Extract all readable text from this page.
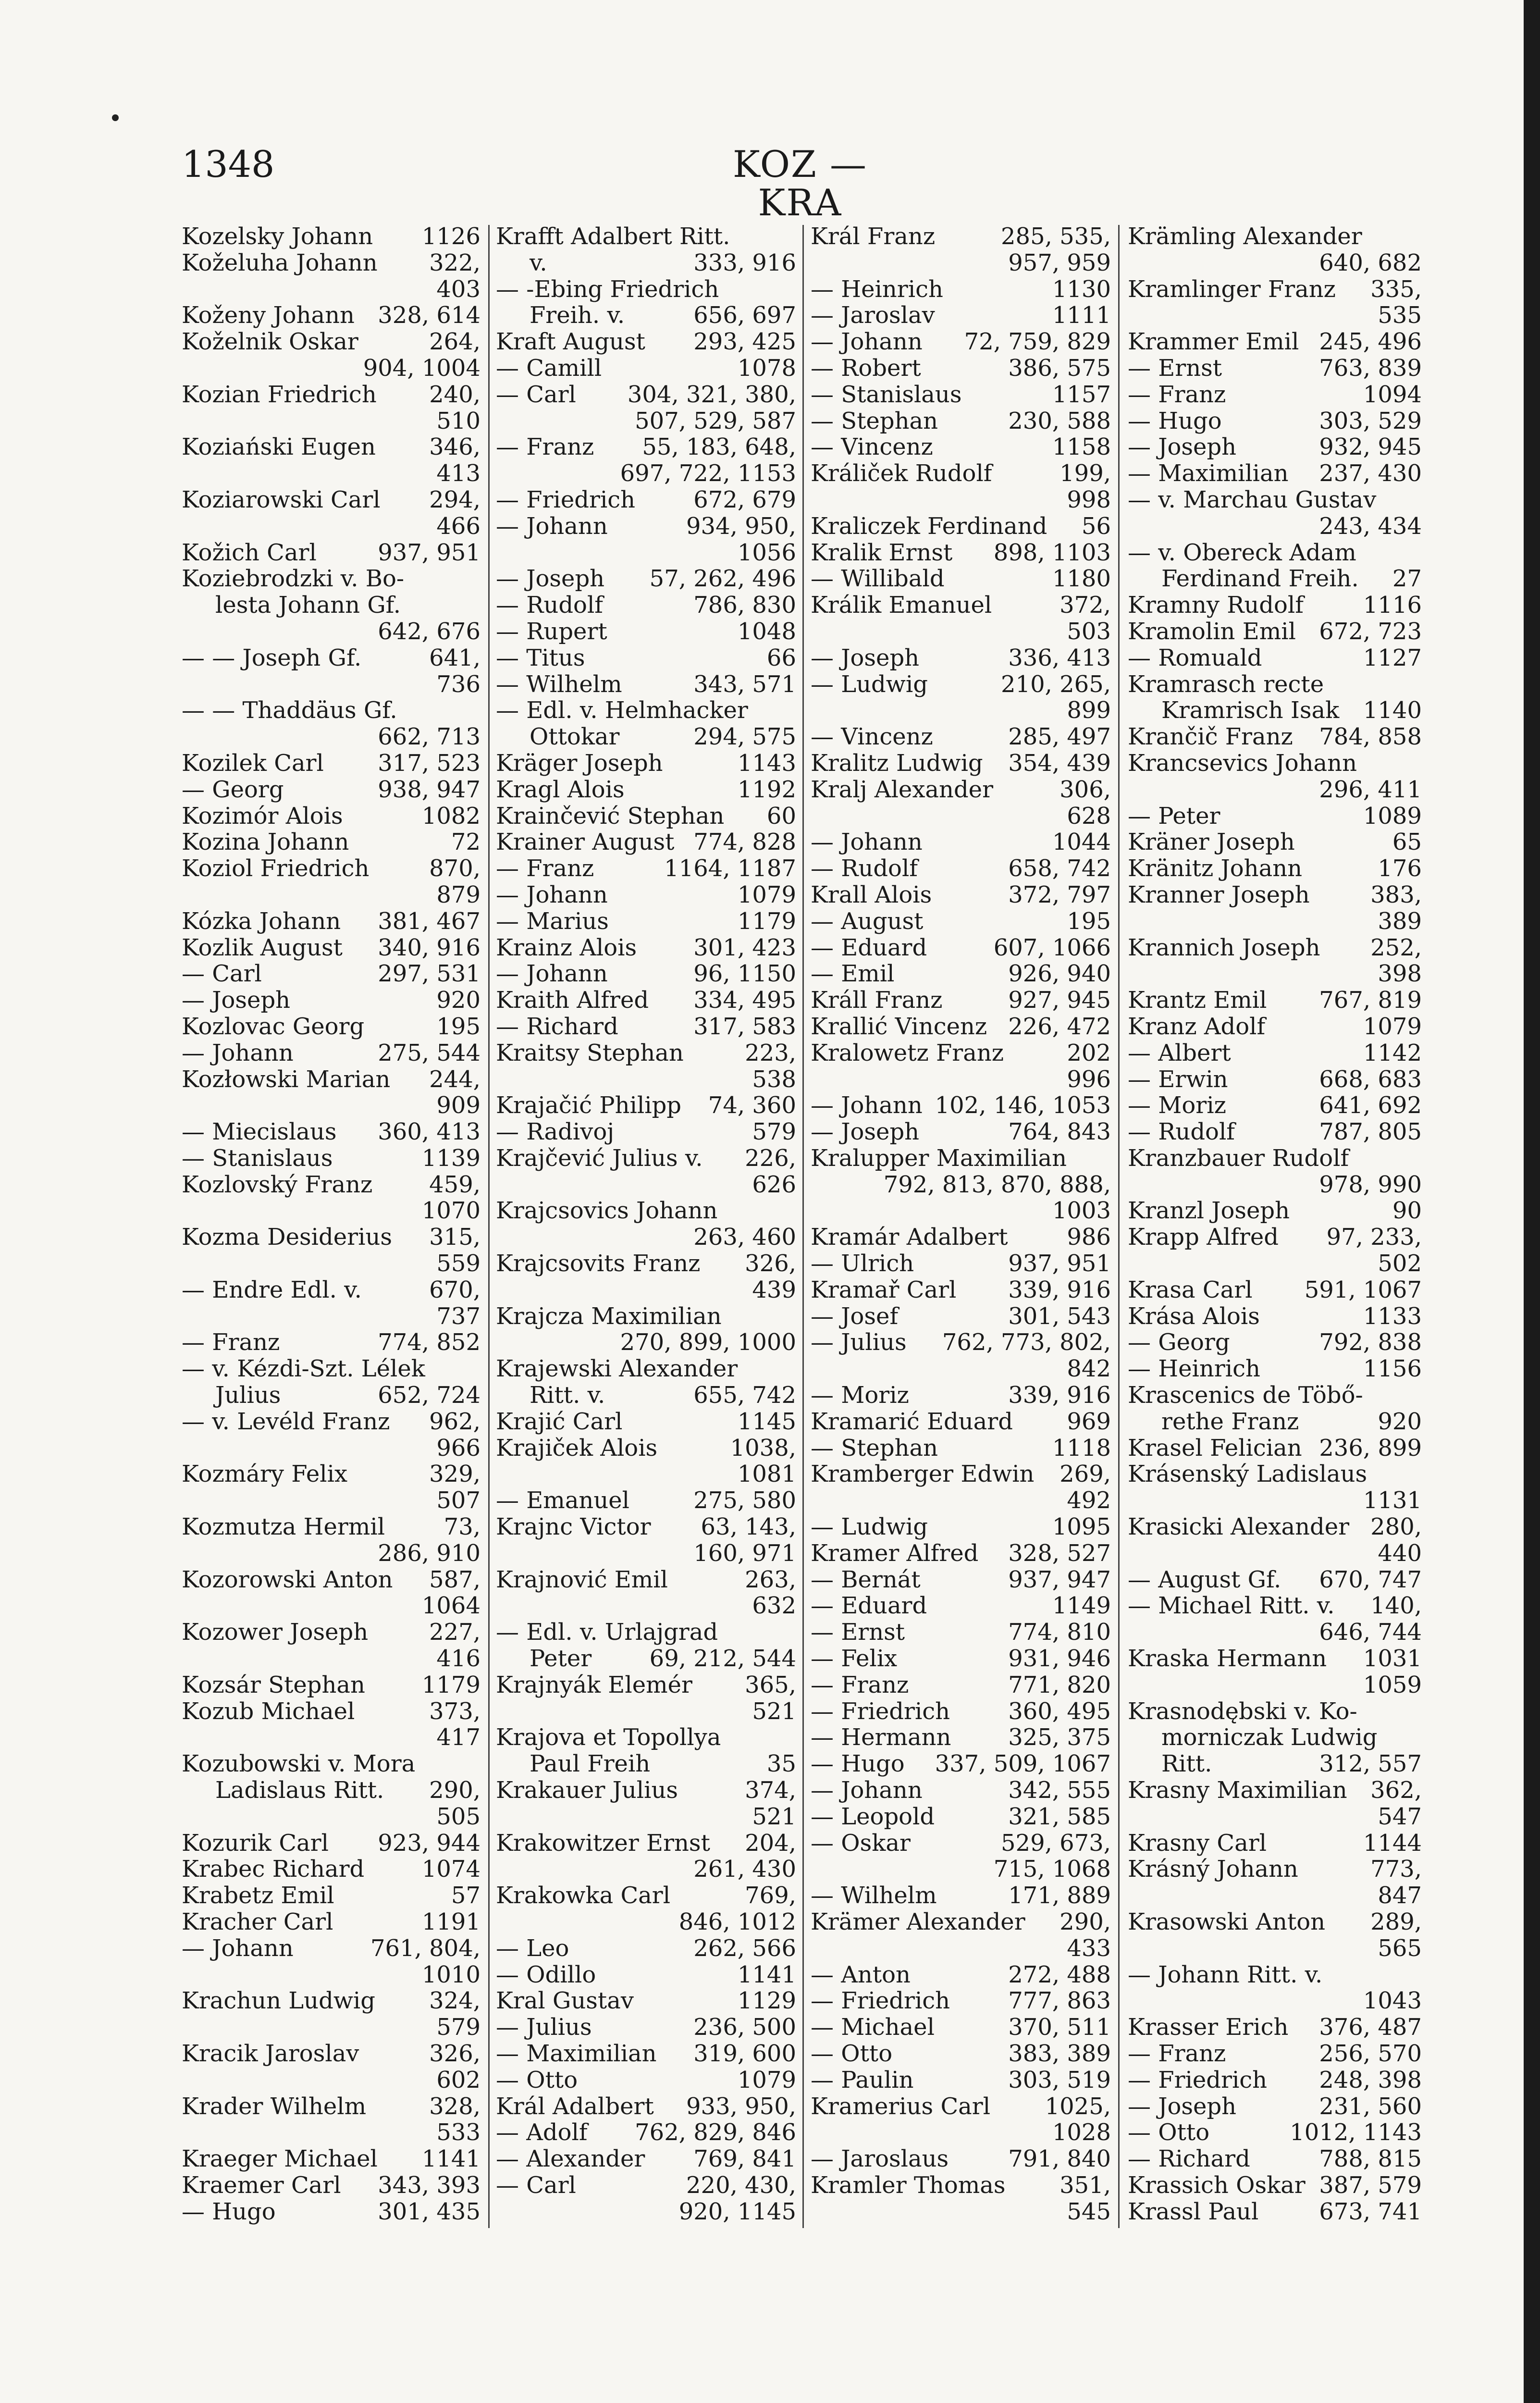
1348	KOZ — KRA
Kozelsky Johann 1126
Koželuha Johann 322,
403
Koženy Johann 328, 614
Koželnik Oskar	264,
904, 1004
Kozian Friedrich 240,
510
Koziański Eugen 346,
413
Koziarowski Carl 294,
466
Kožich Carl	937, 951
Koziebrodzki v. Bo-
lesta Johann Gf.
642, 676
— — Joseph Gf.	641,
736
— — Thaddäus Gf.
662, 713
Kozilek Carl 317, 523
— Georg	938, 947
Kozimór Alois	1082
Kozina Johann	72
Koziol Friedrich	870,
879
Kózka Johann 381, 467
Kozlik August 340, 916
— Carl	297, 531
— Joseph	920
Kozlovac Georg	195
— Johann	275, 544
Kozłowski Marian 244,
909
— Miecislaus 360, 413
— Stanislaus	1139
Kozlovský Franz 459,
1070
Kozma Desiderius 315,
559
— Endre Edl. v.	670,
737
— Franz	774, 852
— v. Kézdi-Szt. Lélek
Julius	652, 724
— v. Levéld Franz 962,
966
Kozmáry Felix	329,
507
Kozmutza Hermil	73,
286, 910
Kozorowski Anton 587,
1064
Kozower Joseph	227,
416
Kozsár Stephan 1179
Kozub Michael	373,
417
Kozubowski v. Mora
Ladislaus Ritt. 290,
505
Kozurik Carl 923, 944
Krabec Richard 1074
Krabetz Emil	57
Kracher Carl	1191
— Johann	761, 804,
1010
Krachun Ludwig 324,
579
Kracik Jaroslav	326,
602
Krader Wilhelm	328,
533
Kraeger Michael 1141
Kraemer Carl 343, 393
— Hugo	301, 435
Krafft Adalbert Ritt.
v.	333, 916
— -Ebing Friedrich
Freih. v.	656, 697
Kraft August 293, 425
— Camill	1078
— Carl 304, 321, 380,
507, 529, 587
— Franz 55, 183, 648,
697, 722, 1153
— Friedrich	672, 679
— Johann	934, 950,
1056
— Joseph 57, 262, 496
— Rudolf	786, 830
— Rupert	1048
— Titus	66
— Wilhelm	343, 571
— Edl. v. Helmhacker
Ottokar	294, 575
Kräger Joseph	1143
Kragl Alois	1192
Krainčević Stephan 60
Krainer August 774, 828
— Franz	1164, 1187
— Johann	1079
— Marius	1179
Krainz Alois 301, 423
— Johann	96, 1150
Kraith Alfred 334, 495
— Richard	317, 583
Kraitsy Stephan	223,
538
Krajačić Philipp 74, 360
— Radivoj	579
Krajčević Julius v. 226,
626
Krajcsovics Johann
263, 460
Krajcsovits Franz 326,
439
Krajcza Maximilian
270, 899, 1000
Krajewski Alexander
Ritt. v.	655, 742
Krajić Carl	1145
Krajiček Alois	1038,
1081
— Emanuel	275, 580
Krajnc Victor 63, 143,
160, 971
Krajnović Emil	263,
632
— Edl. v. Urlajgrad
Peter	69, 212, 544
Krajnyák Elemér 365,
521
Krajova et Topollya
Paul Freih	35
Krakauer Julius	374,
521
Krakowitzer Ernst 204,
261, 430
Krakowka Carl	769,
846, 1012
— Leo	262, 566
— Odillo	1141
Kral Gustav	1129
— Julius	236, 500
— Maximilian 319, 600
— Otto	1079
Král Adalbert 933, 950,
— Adolf 762, 829, 846
— Alexander 769, 841
— Carl	220, 430,
920, 1145
Král Franz	285, 535,
957, 959
— Heinrich	1130
— Jaroslav	1111
— Johann 72, 759, 829
— Robert	386, 575
— Stanislaus	1157
— Stephan	230, 588
— Vincenz	1158
Králiček Rudolf	199,
998
Kraliczek Ferdinand 56
Kralik Ernst 898, 1103
— Willibald	1180
Králik Emanuel	372,
503
— Joseph	336, 413
— Ludwig	210, 265,
899
— Vincenz	285, 497
Kralitz Ludwig 354, 439
Kralj Alexander	306,
628
— Johann	1044
— Rudolf	658, 742
Krall Alois	372, 797
— August	195
— Eduard	607, 1066
— Emil	926, 940
Králl Franz	927, 945
Krallić Vincenz 226, 472
Kralowetz Franz	202
996
— Johann 102, 146, 1053
— Joseph	764, 843
Kralupper Maximilian
792, 813, 870, 888,
1003
Kramár Adalbert	986
— Ulrich	937, 951
Kramař Carl 339, 916
— Josef	301, 543
— Julius 762, 773, 802,
842
— Moriz	339, 916
Kramarić Eduard 969
— Stephan	1118
Kramberger Edwin 269,
492
— Ludwig	1095
Kramer Alfred 328, 527
— Bernát	937, 947
— Eduard	1149
— Ernst	774, 810
— Felix	931, 946
— Franz	771, 820
— Friedrich	360, 495
— Hermann 325, 375
— Hugo 337, 509, 1067
— Johann	342, 555
— Leopold	321, 585
— Oskar	529, 673,
715, 1068
— Wilhelm	171, 889
Krämer Alexander 290,
433
— Anton	272, 488
— Friedrich	777, 863
— Michael	370, 511
— Otto	383, 389
— Paulin	303, 519
Kramerius Carl 1025,
1028
— Jaroslaus	791, 840
Kramler Thomas 351,
545
Krämling Alexander
640, 682
Kramlinger Franz 335,
535
Krammer Emil 245, 496
— Ernst	763, 839
— Franz	1094
— Hugo	303, 529
— Joseph	932, 945
— Maximilian 237, 430
— v. Marchau Gustav
243, 434
— v. Obereck Adam
Ferdinand Freih. 27
Kramny Rudolf	1116
Kramolin Emil 672, 723
— Romuald	1127
Kramrasch recte
Kramrisch Isak 1140
Krančič Franz 784, 858
Krancsevics Johann
296, 411
— Peter	1089
Kräner Joseph	65
Kränitz Johann	176
Kranner Joseph	383,
389
Krannich Joseph 252,
398
Krantz Emil 767, 819
Kranz Adolf	1079
— Albert	1142
— Erwin	668, 683
— Moriz	641, 692
— Rudolf	787, 805
Kranzbauer Rudolf
978, 990
Kranzl Joseph	90
Krapp Alfred 97, 233,
502
Krasa Carl 591, 1067
Krása Alois	1133
— Georg	792, 838
— Heinrich	1156
Krascenics de Töbő-
rethe Franz	920
Krasel Felician 236, 899
Krásenský Ladislaus
1131
Krasicki Alexander 280,
440
— August Gf. 670, 747
— Michael Ritt. v. 140,
646, 744
Kraska Hermann 1031
1059
Krasnodębski v. Ko-
morniczak Ludwig
Ritt.	312, 557
Krasny Maximilian 362,
547
Krasny Carl	1144
Krásný Johann	773,
847
Krasowski Anton 289,
565
— Johann Ritt. v.
1043
Krasser Erich 376, 487
— Franz	256, 570
— Friedrich 248, 398
— Joseph	231, 560
— Otto	1012, 1143
— Richard	788, 815
Krassich Oskar 387, 579
Krassl Paul	673, 741
